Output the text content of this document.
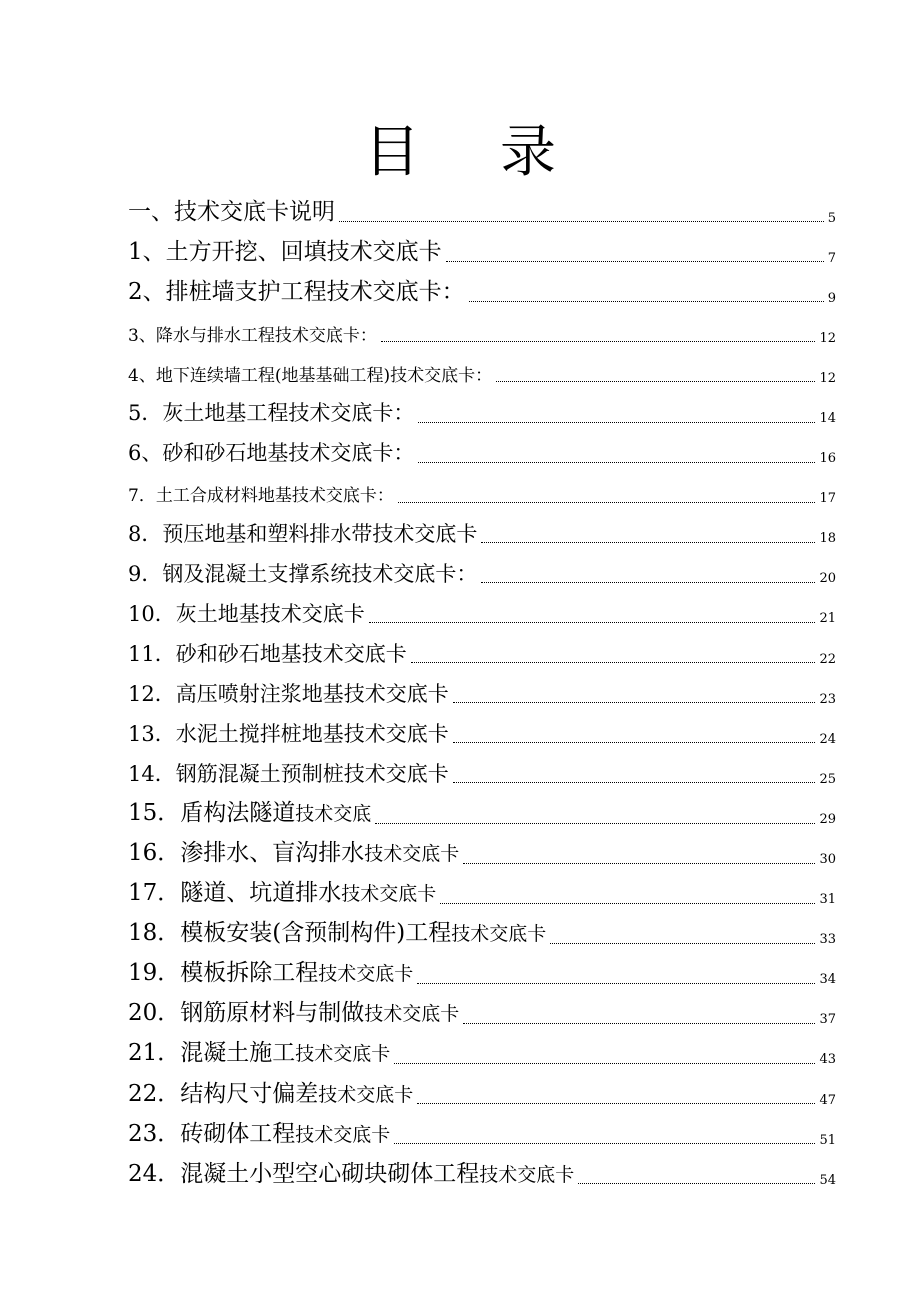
目 录
一、技术交底卡说明	5
1、土方开挖、回填技术交底卡	7
2、排桩墙支护工程技术交底卡：	9
3、降水与排水工程技术交底卡：	12
4、地下连续墙工程(地基基础工程)技术交底卡：	12
5．灰土地基工程技术交底卡：	14
6、砂和砂石地基技术交底卡：	16
7．土工合成材料地基技术交底卡：	17
8．预压地基和塑料排水带技术交底卡	18
9．钢及混凝土支撑系统技术交底卡：	20
10．灰土地基技术交底卡	21
11．砂和砂石地基技术交底卡	22
12．高压喷射注浆地基技术交底卡	23
13．水泥土搅拌桩地基技术交底卡	24
14．钢筋混凝土预制桩技术交底卡	25
15．盾构法隧道技术交底	29
16．渗排水、盲沟排水技术交底卡	30
17．隧道、坑道排水技术交底卡	31
18．模板安装(含预制构件)工程技术交底卡	33
19．模板拆除工程技术交底卡	34
20．钢筋原材料与制做技术交底卡	37
21．混凝土施工技术交底卡	43
22．结构尺寸偏差技术交底卡	47
23．砖砌体工程技术交底卡	51
24．混凝土小型空心砌块砌体工程技术交底卡	54
